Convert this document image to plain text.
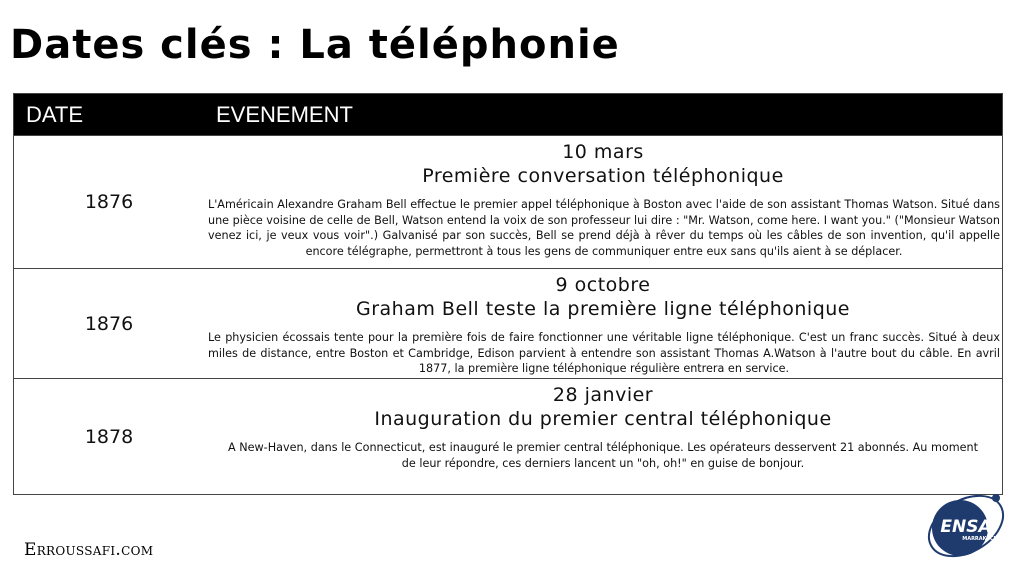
Dates clés : La téléphonie
DATE	EVENEMENT
1876
10 mars
Première conversation téléphonique
L'Américain Alexandre Graham Bell effectue le premier appel téléphonique à Boston avec l'aide de son assistant Thomas Watson. Situé dans une pièce voisine de celle de Bell, Watson entend la voix de son professeur lui dire : "Mr. Watson, come here. I want you." ("Monsieur Watson venez ici, je veux vous voir".) Galvanisé par son succès, Bell se prend déjà à rêver du temps où les câbles de son invention, qu'il appelle encore télégraphe, permettront à tous les gens de communiquer entre eux sans qu'ils aient à se déplacer.
1876
9 octobre
Graham Bell teste la première ligne téléphonique
Le physicien écossais tente pour la première fois de faire fonctionner une véritable ligne téléphonique. C'est un franc succès. Situé à deux miles de distance, entre Boston et Cambridge, Edison parvient à entendre son assistant Thomas A.Watson à l'autre bout du câble. En avril 1877, la première ligne téléphonique régulière entrera en service.
1878
28 janvier
Inauguration du premier central téléphonique
A New-Haven, dans le Connecticut, est inauguré le premier central téléphonique. Les opérateurs desservent 21 abonnés. Au moment de leur répondre, ces derniers lancent un "oh, oh!" en guise de bonjour.
Erroussafi.com
ENSA
MARRAKECH
